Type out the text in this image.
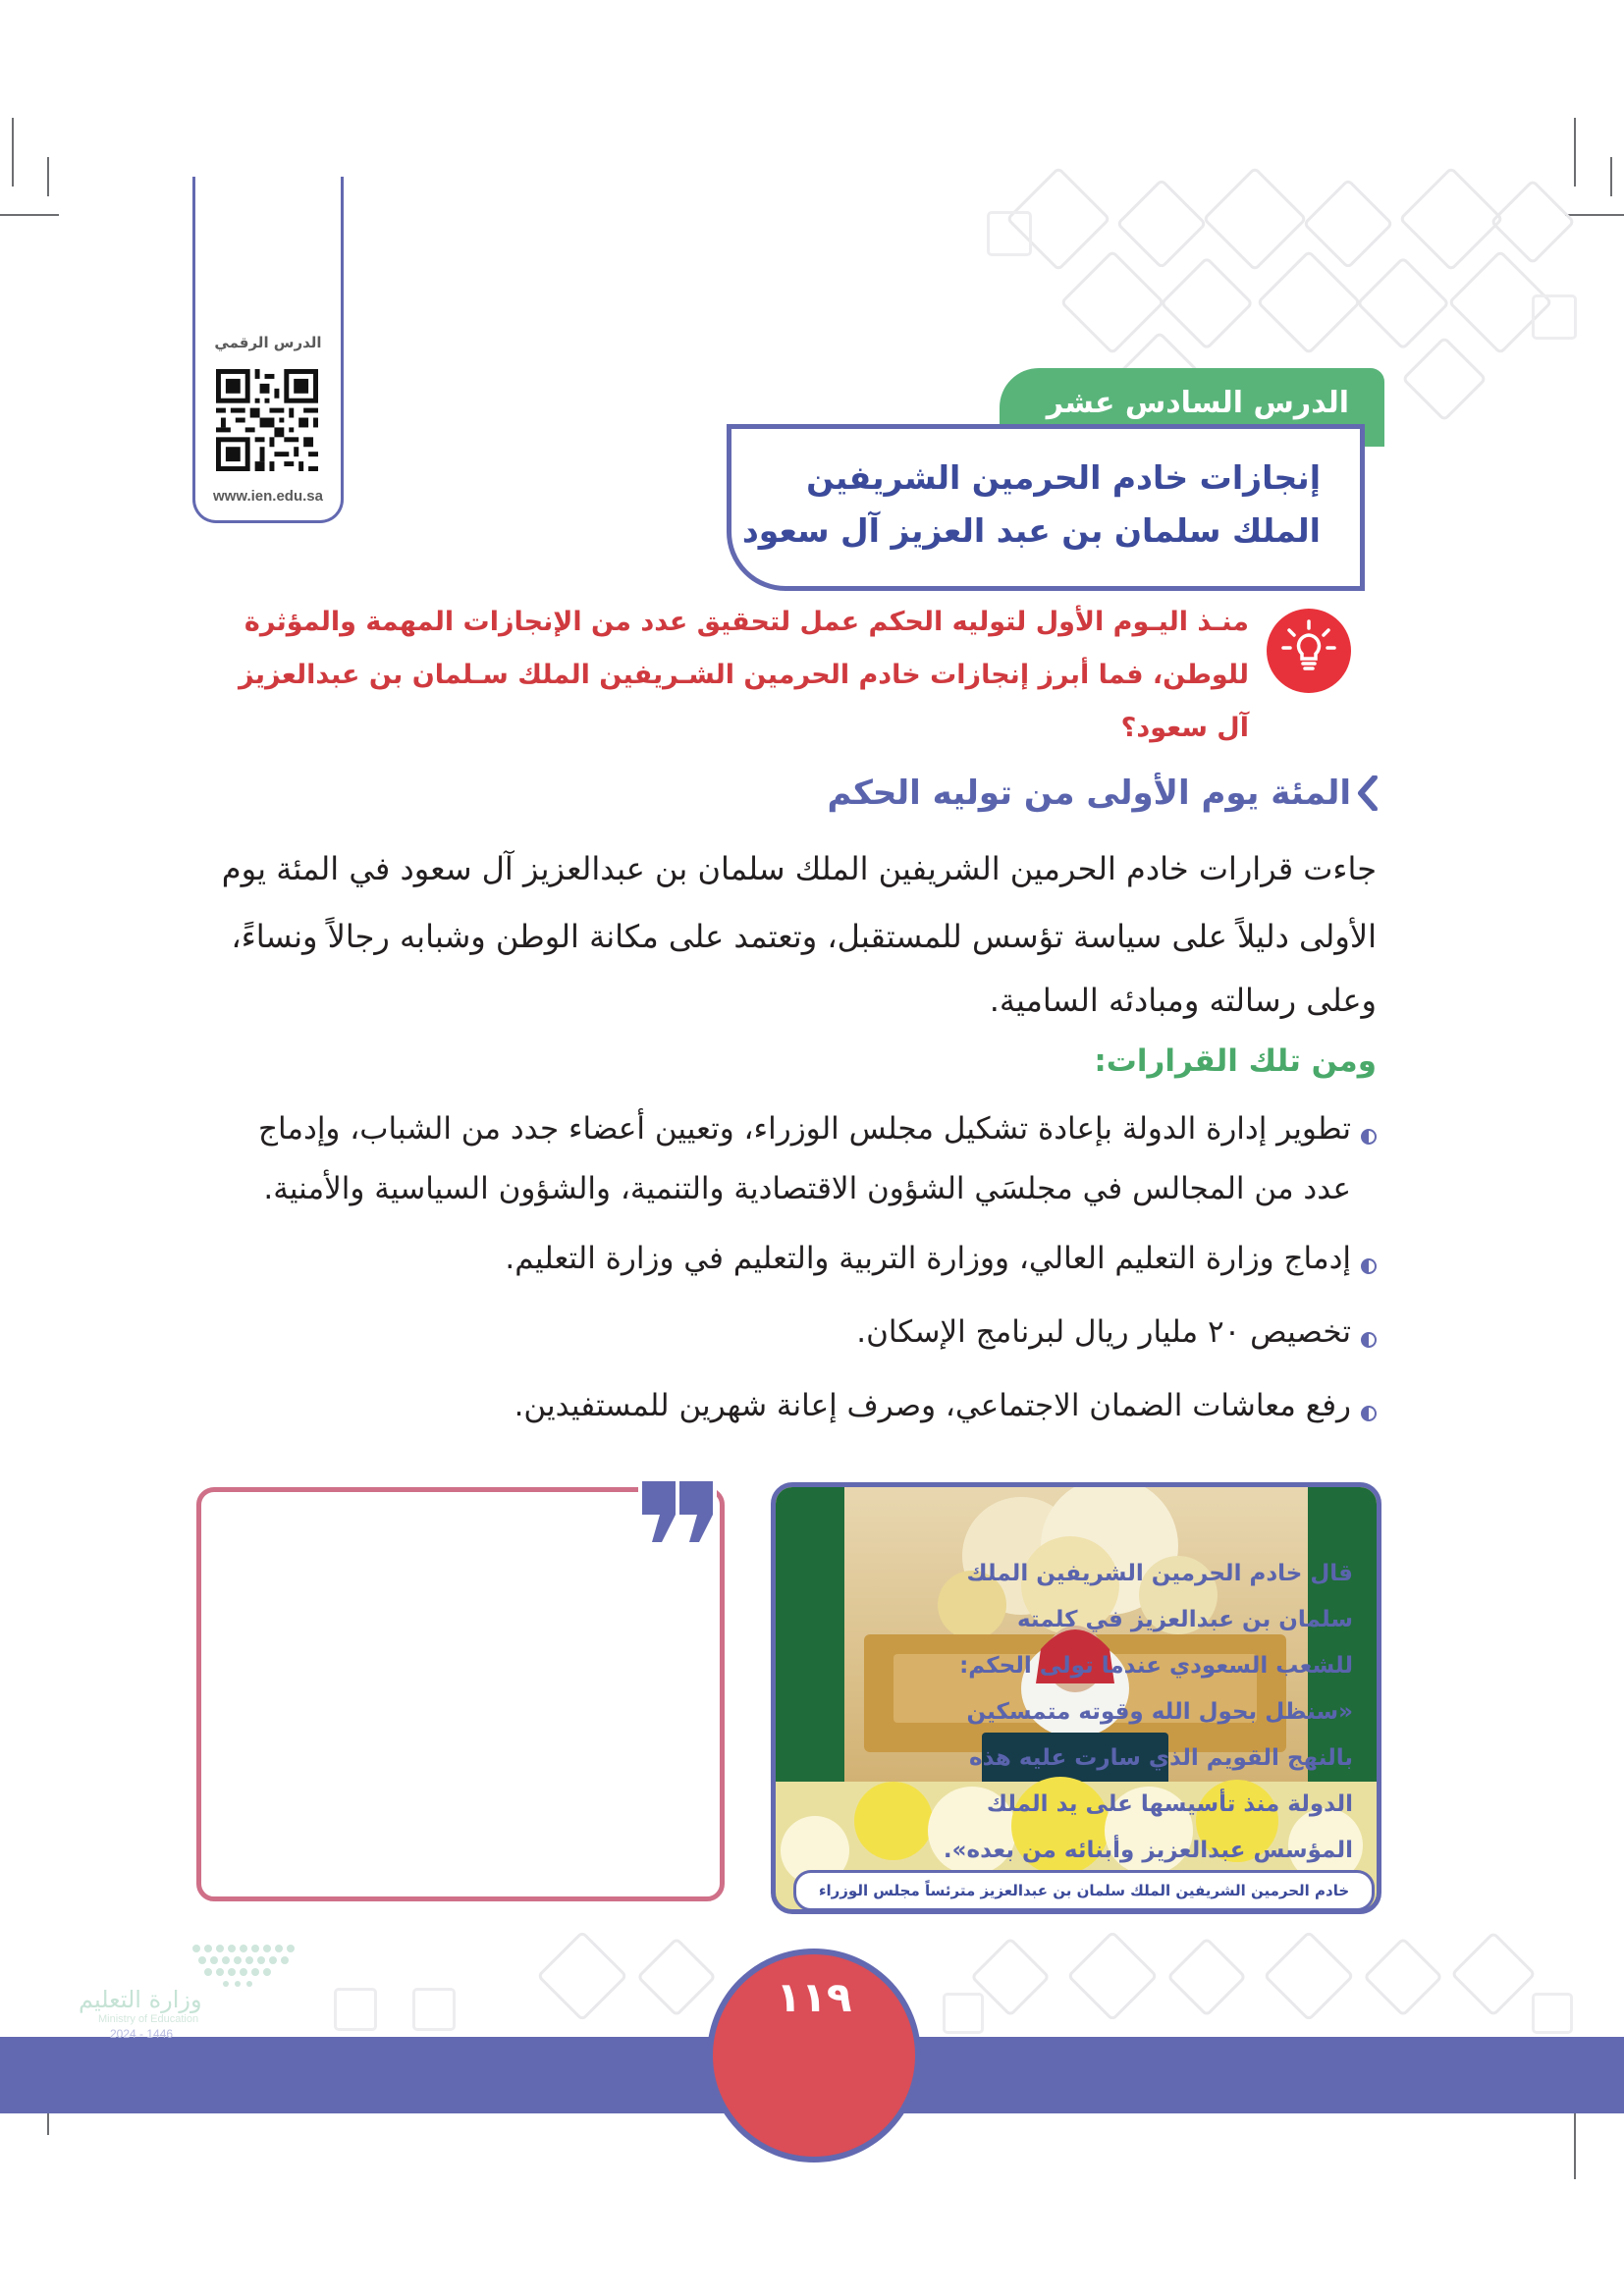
الدرس الرقمي
www.ien.edu.sa
الدرس السادس عشر
إنجازات خادم الحرمين الشريفين
الملك سلمان بن عبد العزيز آل سعود
منـذ اليـوم الأول لتوليه الحكم عمل لتحقيق عدد من الإنجازات المهمة والمؤثرة
للوطن، فما أبرز إنجازات خادم الحرمين الشـريفين الملك سـلمان بن عبدالعزيز
آل سعود؟
المئة يوم الأولى من توليه الحكم
جاءت قرارات خادم الحرمين الشريفين الملك سلمان بن عبدالعزيز آل سعود في المئة يوم
الأولى دليلاً على سياسة تؤسس للمستقبل، وتعتمد على مكانة الوطن وشبابه رجالاً ونساءً،
وعلى رسالته ومبادئه السامية.
ومن تلك القرارات:
تطوير إدارة الدولة بإعادة تشكيل مجلس الوزراء، وتعيين أعضاء جدد من الشباب، وإدماج
عدد من المجالس في مجلسَي الشؤون الاقتصادية والتنمية، والشؤون السياسية والأمنية.
إدماج وزارة التعليم العالي، ووزارة التربية والتعليم في وزارة التعليم.
تخصيص ٢٠ مليار ريال لبرنامج الإسكان.
رفع معاشات الضمان الاجتماعي، وصرف إعانة شهرين للمستفيدين.
خادم الحرمين الشريفين الملك سلمان بن عبدالعزيز مترئساً مجلس الوزراء
قال خادم الحرمين الشريفين الملك
سلمان بن عبدالعزيز في كلمته
للشعب السعودي عندما تولى الحكم:
«سنظل بحول الله وقوته متمسكين
بالنهج القويم الذي سارت عليه هذه
الدولة منذ تأسيسها على يد الملك
المؤسس عبدالعزيز وأبنائه من بعده».
١١٩
وزارة التعليم
Ministry of Education
2024 - 1446
